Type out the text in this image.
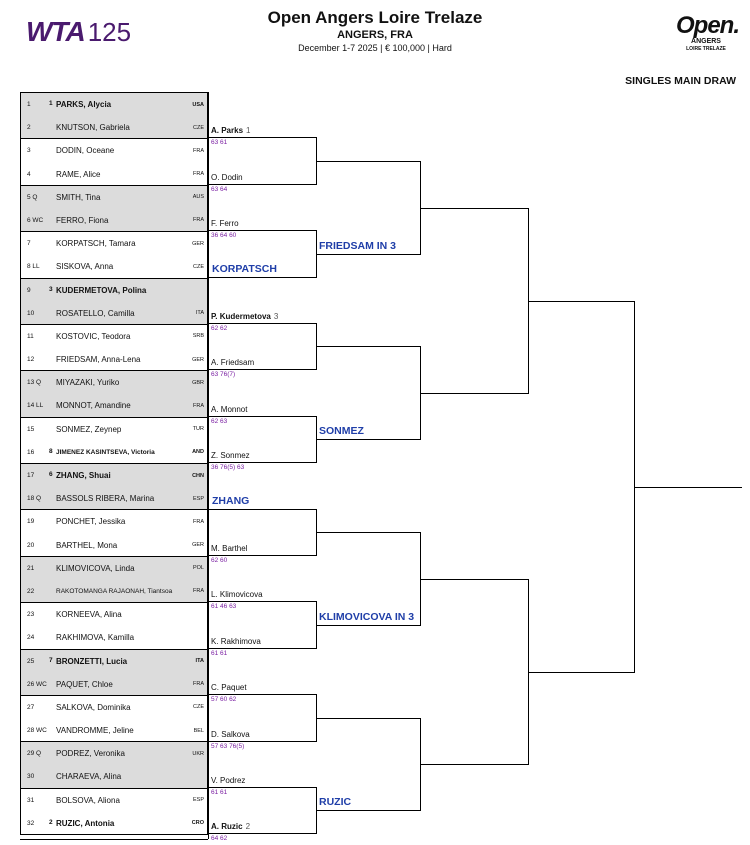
WTA 125	Open Angers Loire Trelaze
ANGERS, FRA
December 1-7 2025 | € 100,000 | Hard
Open.
ANGERS
LOIRE TRELAZE
SINGLES MAIN DRAW
1	1 PARKS, Alycia	USA
2	KNUTSON, Gabriela	CZE
3	DODIN, Oceane	FRA
4	RAME, Alice	FRA
5 Q SMITH, Tina	AUS
6 WC FERRO, Fiona	FRA
7	KORPATSCH, Tamara	GER
8 LL SISKOVA, Anna	CZE
9	3 KUDERMETOVA, Polina
10	ROSATELLO, Camilla	ITA
11	KOSTOVIC, Teodora	SRB
12	FRIEDSAM, Anna-Lena	GER
13 Q MIYAZAKI, Yuriko	GBR
14 LL MONNOT, Amandine	FRA
15	SONMEZ, Zeynep	TUR
16 8 JIMENEZ KASINTSEVA, Victoria	AND
17 6 ZHANG, Shuai	CHN
18 Q BASSOLS RIBERA, Marina	ESP
19	PONCHET, Jessika	FRA
20	BARTHEL, Mona	GER
21	KLIMOVICOVA, Linda	POL
22	RAKOTOMANGA RAJAONAH, Tiantsoa	FRA
23	KORNEEVA, Alina
24	RAKHIMOVA, Kamilla
25 7 BRONZETTI, Lucia	ITA
26 WC PAQUET, Chloe	FRA
27	SALKOVA, Dominika	CZE
28 WC VANDROMME, Jeline	BEL
29 Q PODREZ, Veronika	UKR
30	CHARAEVA, Alina
31	BOLSOVA, Aliona	ESP
32 2 RUZIC, Antonia	CRO
A. Parks 1
63 61
O. Dodin
63 64
F. Ferro
36 64 60
KORPATSCH
P. Kudermetova 3
62 62
A. Friedsam
63 76(7)
A. Monnot
62 63
Z. Sonmez
36 76(5) 63
ZHANG
M. Barthel
62 60
L. Klimovicova
61 46 63
K. Rakhimova
61 61
C. Paquet
57 60 62
D. Salkova
57 63 76(5)
V. Podrez
61 61
A. Ruzic 2
64 62
FRIEDSAM IN 3
SONMEZ
KLIMOVICOVA IN 3
RUZIC
